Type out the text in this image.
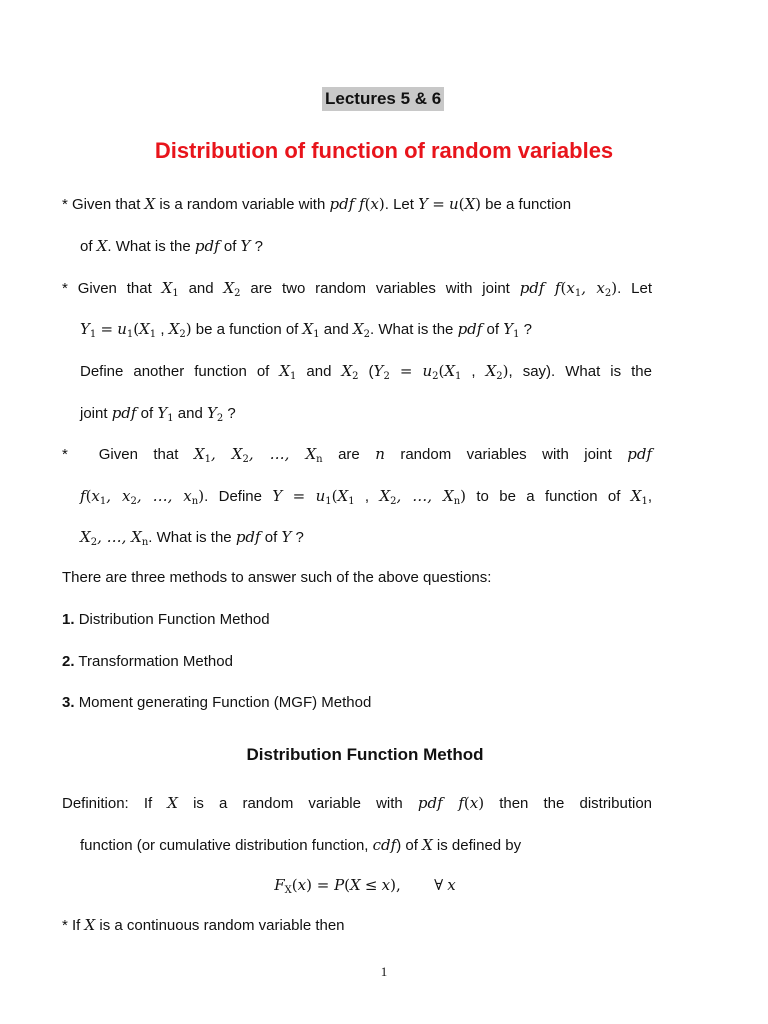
Lectures 5 & 6
Distribution of function of random variables
* Given that X is a random variable with pdf f(x). Let Y = u(X) be a function
of X. What is the pdf of Y ?
* Given that $X_1$ and $X_2$ are two random variables with joint pdf $f(x_1$, $x_2$). Let
$Y_1 = u_1(X_1$ , $X_2$) be a function of $X_1$ and $X_2$. What is the pdf of $Y_1$ ?
Define another function of $X_1$ and $X_2$ ($Y_2 = u_2(X_1$ , $X_2$), say). What is the
joint pdf of $Y_1$ and $Y_2$ ?
*  Given that $X_1$, $X_2$, …, $X_n$ are n random variables with joint pdf
$f(x_1$, $x_2$, …, $x_n$). Define $Y = u_1(X_1$ , $X_2$, …, $X_n$) to be a function of $X_1$,
$X_2$, …, $X_n$. What is the pdf of Y ?
There are three methods to answer such of the above questions:
1. Distribution Function Method
2. Transformation Method
3. Moment generating Function (MGF) Method
Distribution Function Method
Definition: If X is a random variable with pdf f(x) then the distribution
function (or cumulative distribution function, cdf) of X is defined by
$F_X(x) = P(X \le x)$, ∀ x
* If X is a continuous random variable then
1
